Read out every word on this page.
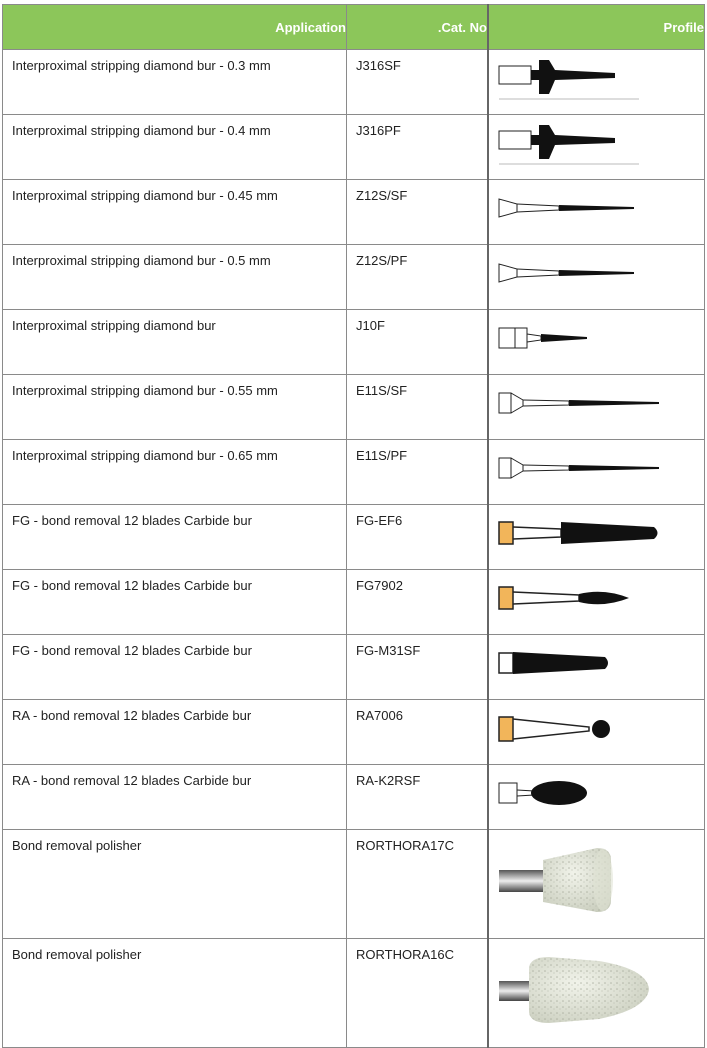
Application	.Cat. No	Profile
Interproximal stripping diamond bur - 0.3 mm	J316SF	

Interproximal stripping diamond bur - 0.4 mm	J316PF	

Interproximal stripping diamond bur - 0.45 mm	Z12S/SF	

Interproximal stripping diamond bur - 0.5 mm	Z12S/PF	

Interproximal stripping diamond bur	J10F	

Interproximal stripping diamond bur - 0.55 mm	E11S/SF	

Interproximal stripping diamond bur - 0.65 mm	E11S/PF	

FG - bond removal 12 blades Carbide bur	FG-EF6	

FG - bond removal 12 blades Carbide bur	FG7902	

FG - bond removal 12 blades Carbide bur	FG-M31SF	

RA - bond removal 12 blades Carbide bur	RA7006	

RA - bond removal 12 blades Carbide bur	RA-K2RSF	

Bond removal polisher	RORTHORA17C	

Bond removal polisher	RORTHORA16C	
